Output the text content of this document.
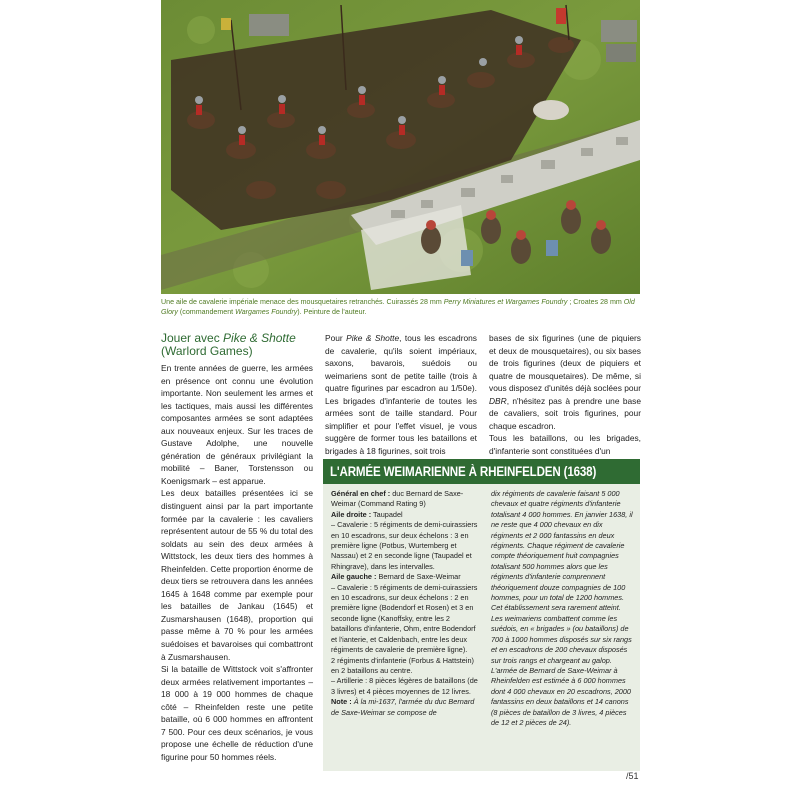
Une aile de cavalerie impériale menace des mousquetaires retranchés. Cuirassés 28 mm Perry Miniatures et Wargames Foundry ; Croates 28 mm Old Glory (commandement Wargames Foundry). Peinture de l'auteur.
Jouer avec Pike & Shotte
(Warlord Games)

En trente années de guerre, les armées en présence ont connu une évolution importante. Non seulement les armes et les tactiques, mais aussi les différentes composantes armées se sont adaptées aux nouveaux enjeux. Sur les traces de Gustave Adolphe, une nouvelle génération de généraux privilégiant la mobilité – Baner, Torstensson ou Koenigsmark – est apparue.

Les deux batailles présentées ici se distinguent ainsi par la part importante formée par la cavalerie : les cavaliers représentent autour de 55 % du total des soldats au sein des deux armées à Wittstock, les deux tiers des hommes à Rheinfelden. Cette proportion énorme de deux tiers se retrouvera dans les années 1645 à 1648 comme par exemple pour les batailles de Jankau (1645) et Zusmarshausen (1648), proportion qui passe même à 70 % pour les armées suédoises et bavaroises qui combattront à Zusmarshausen.

Si la bataille de Wittstock voit s'affronter deux armées relativement importantes – 18 000 à 19 000 hommes de chaque côté – Rheinfelden reste une petite bataille, où 6 000 hommes en affrontent 7 500. Pour ces deux scénarios, je vous propose une échelle de réduction d'une figurine pour 50 hommes réels.

Pour Pike & Shotte, tous les escadrons de cavalerie, qu'ils soient impériaux, saxons, bavarois, suédois ou weimariens sont de petite taille (trois à quatre figurines par escadron au 1/50e). Les brigades d'infanterie de toutes les armées sont de taille standard. Pour simplifier et pour l'effet visuel, je vous suggère de former tous les bataillons et brigades à 18 figurines, soit trois

bases de six figurines (une de piquiers et deux de mousquetaires), ou six bases de trois figurines (deux de piquiers et quatre de mousquetaires). De même, si vous disposez d'unités déjà soclées pour DBR, n'hésitez pas à prendre une base de cavaliers, soit trois figurines, pour chaque escadron.

Tous les bataillons, ou les brigades, d'infanterie sont constituées d'un

L'ARMÉE WEIMARIENNE À RHEINFELDEN (1638)

Général en chef : duc Bernard de Saxe-Weimar (Command Rating 9)

Aile droite : Taupadel

– Cavalerie : 5 régiments de demi-cuirassiers en 10 escadrons, sur deux échelons : 3 en première ligne (Potbus, Wurtemberg et Nassau) et 2 en seconde ligne (Taupadel et Rhingrave), dans les intervalles.

Aile gauche : Bernard de Saxe-Weimar

– Cavalerie : 5 régiments de demi-cuirassiers en 10 escadrons, sur deux échelons : 2 en première ligne (Bodendorf et Rosen) et 3 en seconde ligne (Kanoffsky, entre les 2 bataillons d'infanterie, Ohm, entre Bodendorf et l'ianterie, et Caldenbach, entre les deux régiments de cavalerie de première ligne).

2 régiments d'infanterie (Forbus & Hattstein) en 2 bataillons au centre.

– Artillerie : 8 pièces légères de bataillons (de 3 livres) et 4 pièces moyennes de 12 livres.

Note : À la mi-1637, l'armée du duc Bernard de Saxe-Weimar se compose de

dix régiments de cavalerie faisant 5 000 chevaux et quatre régiments d'infanterie totalisant 4 000 hommes. En janvier 1638, il ne reste que 4 000 chevaux en dix régiments et 2 000 fantassins en deux régiments. Chaque régiment de cavalerie compte théoriquement huit compagnies totalisant 500 hommes alors que les régiments d'infanterie comprennent théoriquement douze compagnies de 100 hommes, pour un total de 1200 hommes. Cet établissement sera rarement atteint. Les weimariens combattent comme les suédois, en « brigades » (ou bataillons) de 700 à 1000 hommes disposés sur six rangs et en escadrons de 200 chevaux disposés sur trois rangs et chargeant au galop.

L'armée de Bernard de Saxe-Weimar à Rheinfelden est estimée à 6 000 hommes dont 4 000 chevaux en 20 escadrons, 2000 fantassins en deux bataillons et 14 canons (8 pièces de bataillon de 3 livres, 4 pièces de 12 et 2 pièces de 24).

/51
